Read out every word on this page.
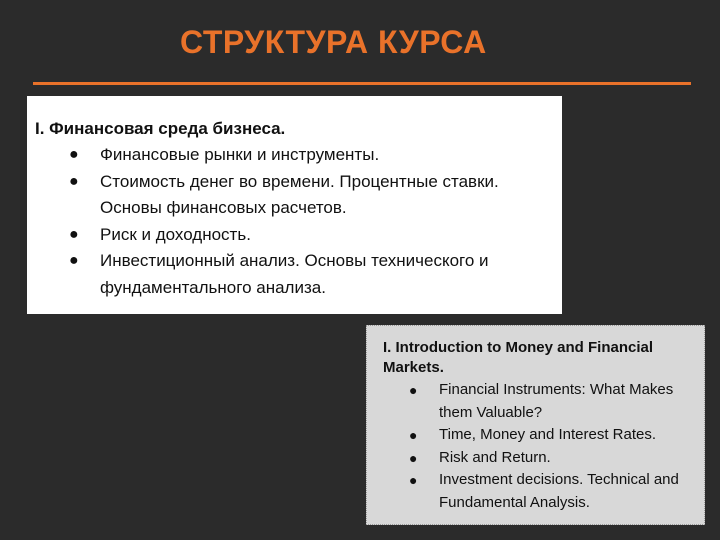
СТРУКТУРА КУРСА
I. Финансовая среда бизнеса.
● Финансовые рынки и инструменты.
● Стоимость денег во времени. Процентные ставки. Основы финансовых расчетов.
● Риск и доходность.
● Инвестиционный анализ. Основы технического и фундаментального анализа.
I. Introduction to Money and Financial Markets.
● Financial Instruments: What Makes them Valuable?
● Time, Money and Interest Rates.
● Risk and Return.
● Investment decisions. Technical and Fundamental Analysis.
